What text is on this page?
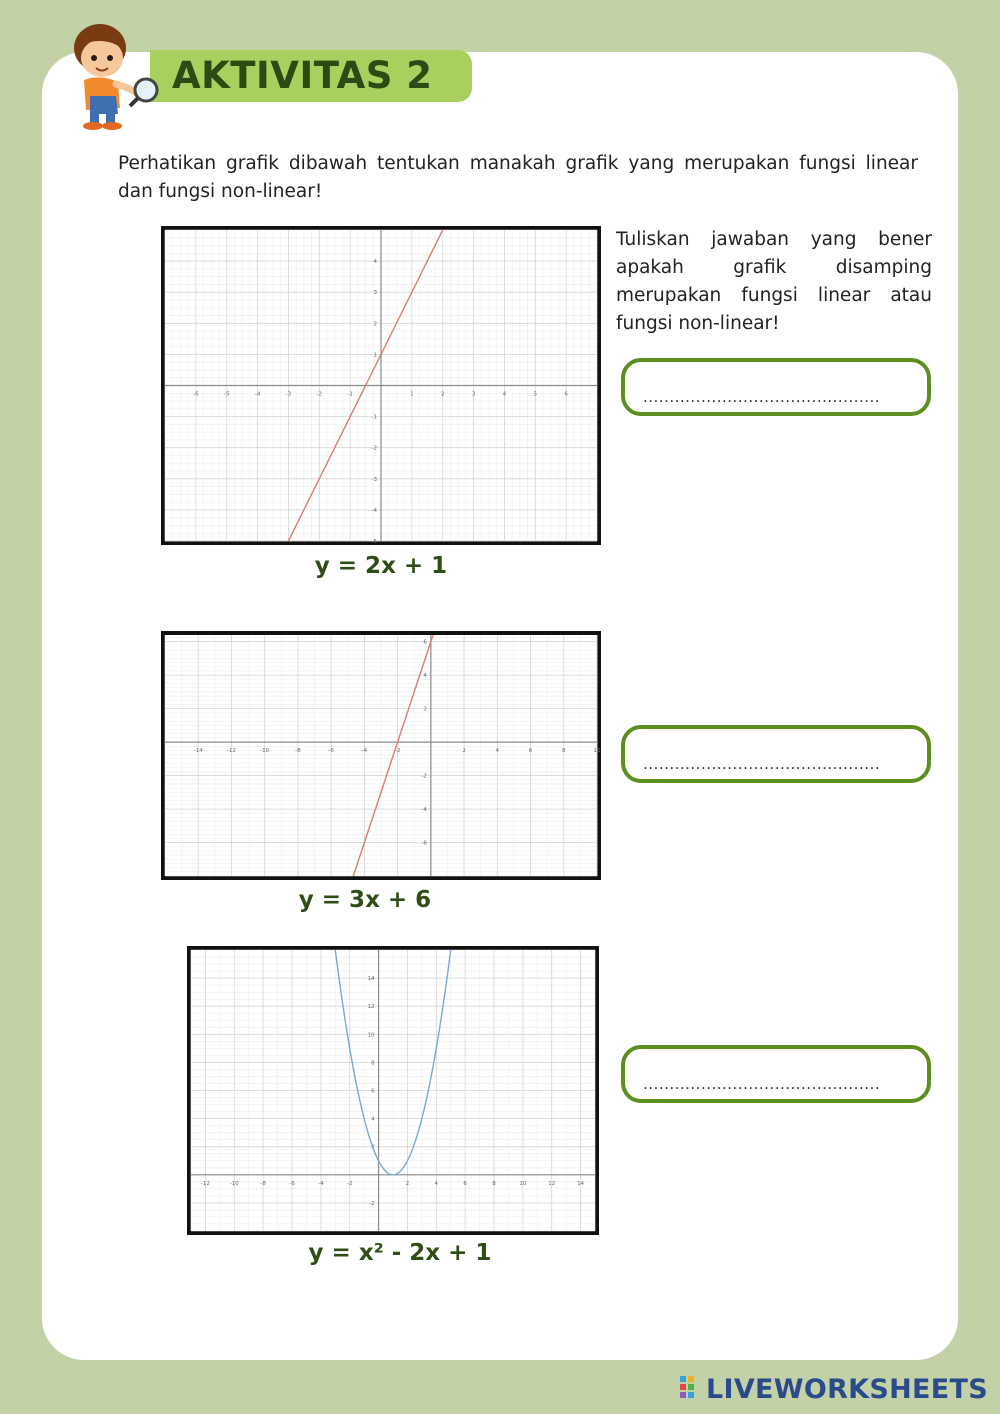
AKTIVITAS 2

Perhatikan grafik dibawah tentukan manakah grafik yang merupakan fungsi linear dan fungsi non-linear!

Tuliskan jawaban yang bener apakah grafik disamping merupakan fungsi linear atau fungsi non-linear!

-6	-5	-4	-3	-2	-1	1	2	3	4	5	6
-5
-4
-3
-2
-1
1
2
3
4
y = 2x + 1
-14	-12	-10	-8	-6	-4	-2	2	4	6	8	10
-6
-4
-2
2
4
6
y = 3x + 6
-12	-10	-8	-6	-4	-2	2	4	6	8	10	12	14
-2
2
4
6
8
10
12
14
y = x² - 2x + 1
.............................................
.............................................
.............................................
LIVEWORKSHEETS
